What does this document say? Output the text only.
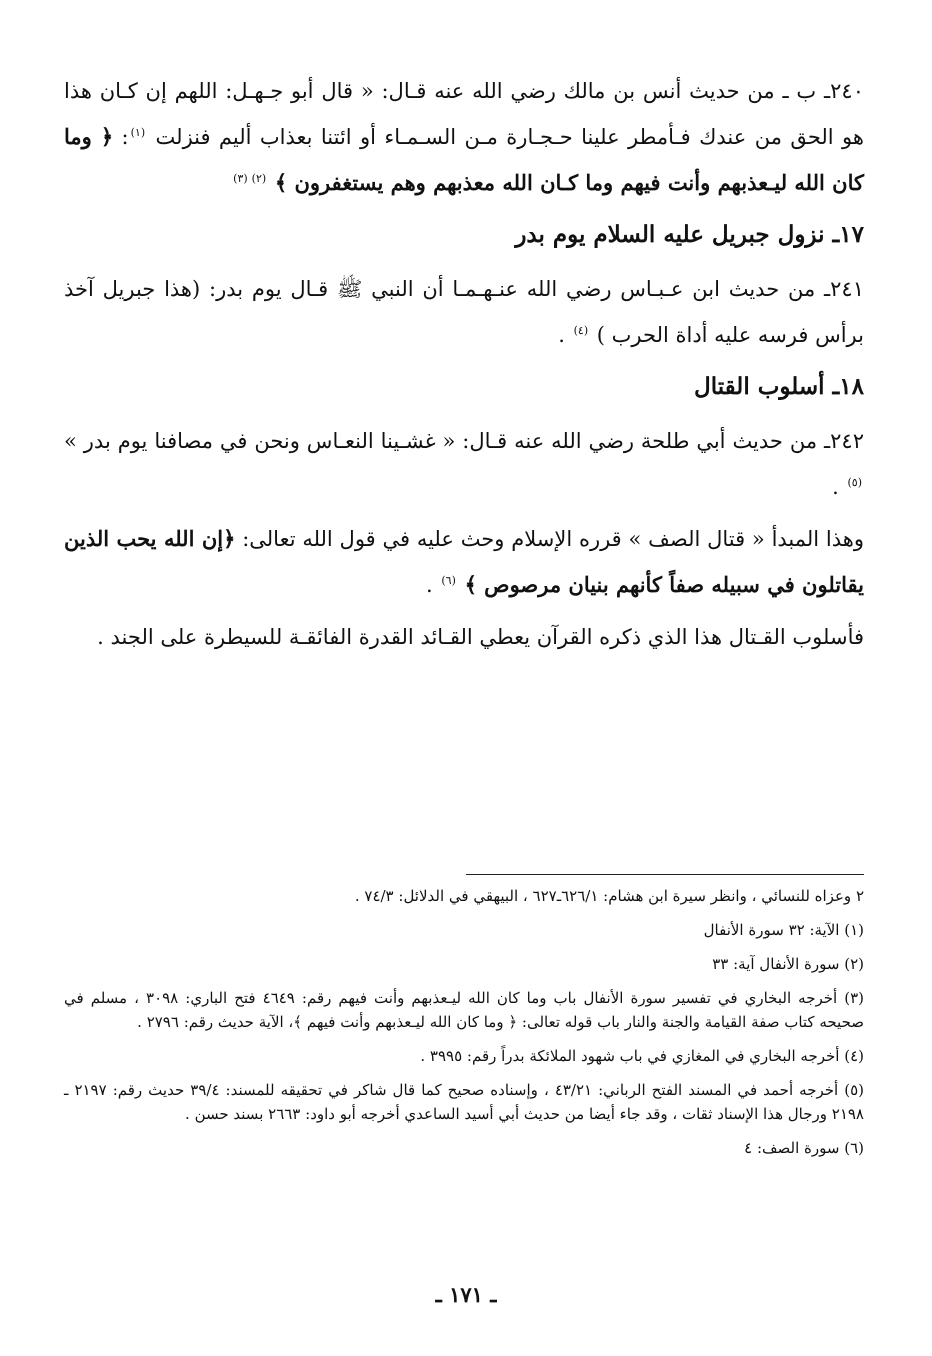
٢٤٠ـ ب ـ من حديث أنس بن مالك رضي الله عنه قـال: « قال أبو جـهـل: اللهم إن كـان هذا هو الحق من عندك فـأمطر علينا حـجـارة مـن السـمـاء أو ائتنا بعذاب أليم فنزلت $^{(١)}$: ﴿ وما كان الله ليـعذبهم وأنت فيهم وما كـان الله معذبهم وهم يستغفرون ﴾ $^{(٢)(٣)}$

١٧ـ نزول جبريل عليه السلام يوم بدر

٢٤١ـ من حديث ابن عـبـاس رضي الله عنـهـمـا أن النبي ﷺ قـال يوم بدر: (هذا جبريل آخذ برأس فرسه عليه أداة الحرب ) $^{(٤)}$ .

١٨ـ أسلوب القتال

٢٤٢ـ من حديث أبي طلحة رضي الله عنه قـال: « غشـينا النعـاس ونحن في مصافنا يوم بدر » $^{(٥)}$ .

وهذا المبدأ « قتال الصف » قرره الإسلام وحث عليه في قول الله تعالى: ﴿إن الله يحب الذين يقاتلون في سبيله صفاً كأنهم بنيان مرصوص ﴾ $^{(٦)}$ .

فأسلوب القـتال هذا الذي ذكره القرآن يعطي القـائد القدرة الفائقـة للسيطرة على الجند .

٢ وعزاه للنسائي ، وانظر سيرة ابن هشام: ٦٢٦/١ـ٦٢٧ ، البيهقي في الدلائل: ٧٤/٣ .
(١) الآية: ٣٢ سورة الأنفال
(٢) سورة الأنفال آية: ٣٣
(٣) أخرجه البخاري في تفسير سورة الأنفال باب وما كان الله ليـعذبهم وأنت فيهم رقم: ٤٦٤٩ فتح الباري: ٣٠٩٨ ، مسلم في صحيحه كتاب صفة القيامة والجنة والنار باب قوله تعالى: ﴿ وما كان الله ليـعذبهم وأنت فيهم ﴾، الآية حديث رقم: ٢٧٩٦ .
(٤) أخرجه البخاري في المغازي في باب شهود الملائكة بدراً رقم: ٣٩٩٥ .
(٥) أخرجه أحمد في المسند الفتح الرباني: ٤٣/٢١ ، وإسناده صحيح كما قال شاكر في تحقيقه للمسند: ٣٩/٤ حديث رقم: ٢١٩٧ ـ ٢١٩٨ ورجال هذا الإسناد ثقات ، وقد جاء أيضا من حديث أبي أسيد الساعدي أخرجه أبو داود: ٢٦٦٣ بسند حسن .
(٦) سورة الصف: ٤
ـ ١٧١ ـ
